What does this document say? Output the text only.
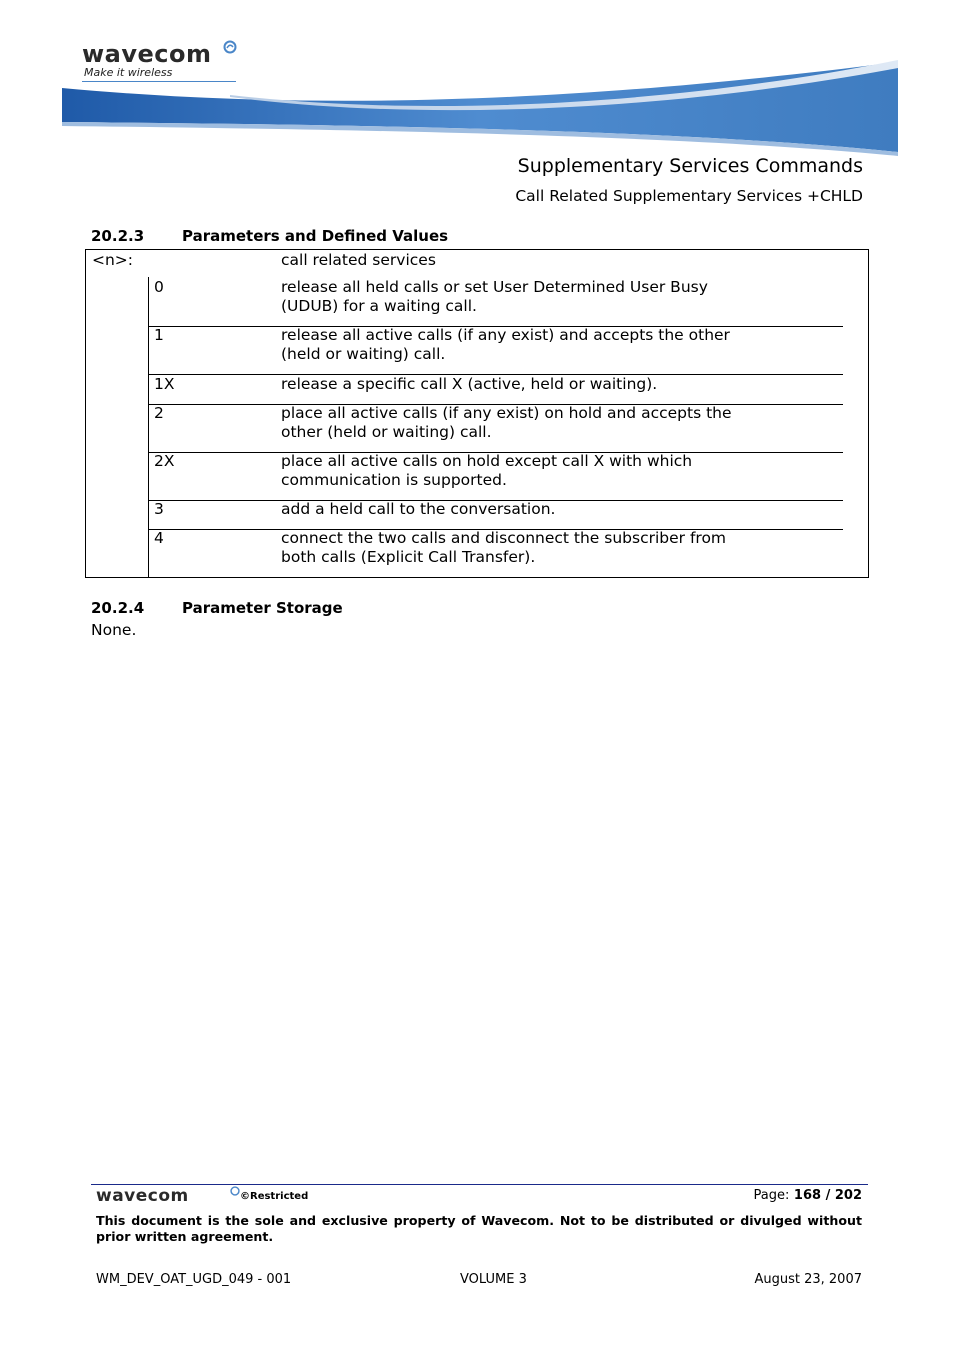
wavecom
Make it wireless
Supplementary Services Commands
Call Related Supplementary Services +CHLD
20.2.3	Parameters and Defined Values
<n>:	call related services
0	release all held calls or set User Determined User Busy
(UDUB) for a waiting call.
1	release all active calls (if any exist) and accepts the other
(held or waiting) call.
1X	release a specific call X (active, held or waiting).
2	place all active calls (if any exist) on hold and accepts the
other (held or waiting) call.
2X	place all active calls on hold except call X with which
communication is supported.
3	add a held call to the conversation.
4	connect the two calls and disconnect the subscriber from
both calls (Explicit Call Transfer).
20.2.4	Parameter Storage
None.
wavecom	©Restricted	Page: 168 / 202
This document is the sole and exclusive property of Wavecom. Not to be distributed or divulged without
prior written agreement.
WM_DEV_OAT_UGD_049 - 001	VOLUME 3	August 23, 2007
